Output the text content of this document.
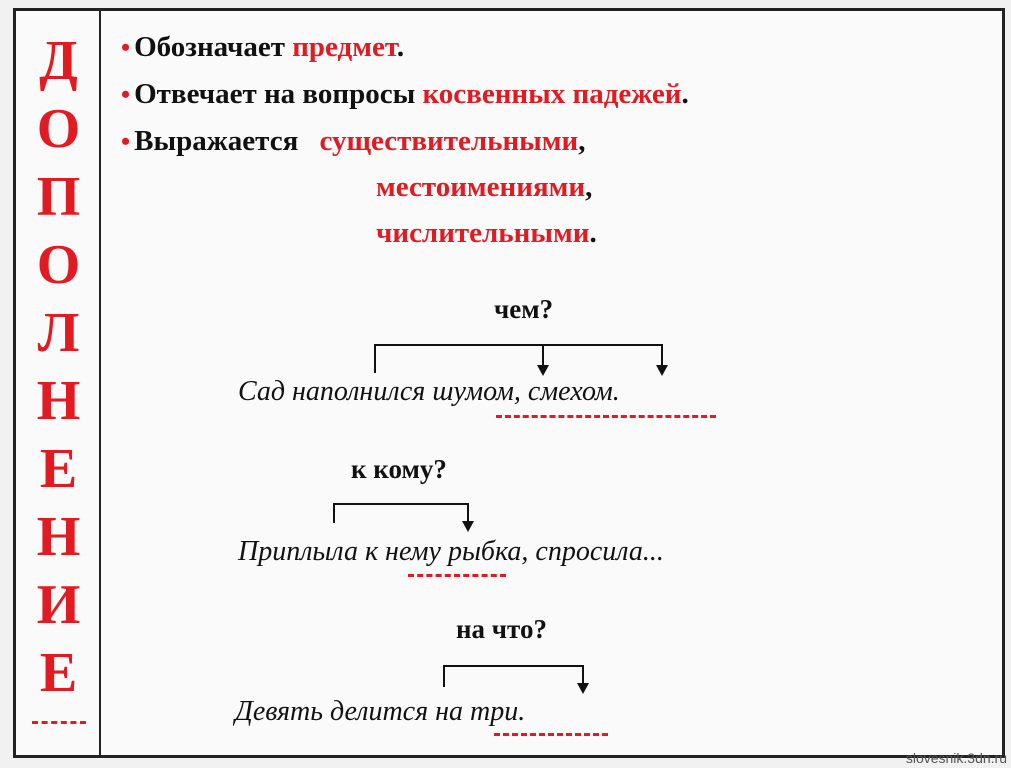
Д
О
П
О
Л
Н
Е
Н
И
Е
• Обозначает предмет.
• Отвечает на вопросы косвенных падежей.
• Выражается существительными,
местоимениями,
числительными.
чем?
Сад наполнился шумом, смехом.
к кому?
Приплыла к нему рыбка, спросила...
на что?
Девять делится на три.
slovesnik.3dn.ru
